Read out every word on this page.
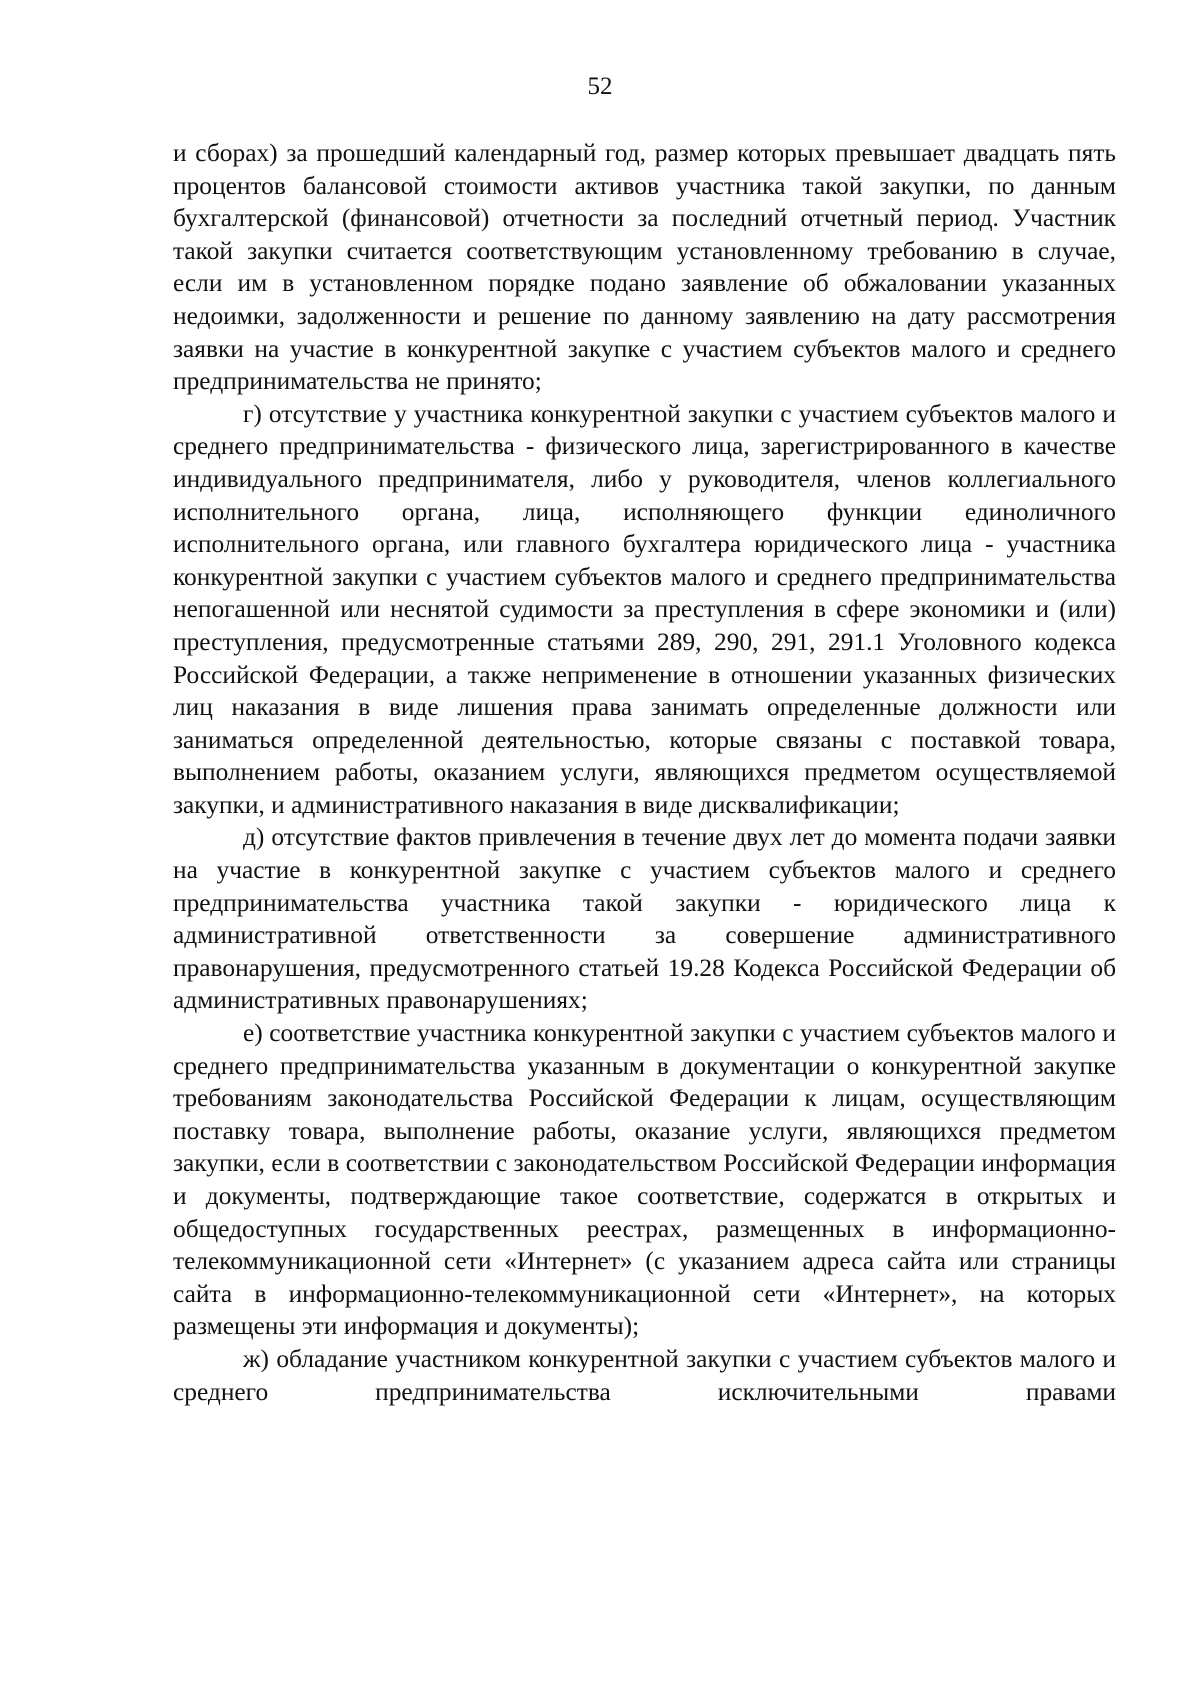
52

и сборах) за прошедший календарный год, размер которых превышает двадцать пять процентов балансовой стоимости активов участника такой закупки, по данным бухгалтерской (финансовой) отчетности за последний отчетный период. Участник такой закупки считается соответствующим установленному требованию в случае, если им в установленном порядке подано заявление об обжаловании указанных недоимки, задолженности и решение по данному заявлению на дату рассмотрения заявки на участие в конкурентной закупке с участием субъектов малого и среднего предпринимательства не принято;

г) отсутствие у участника конкурентной закупки с участием субъектов малого и среднего предпринимательства - физического лица, зарегистрированного в качестве индивидуального предпринимателя, либо у руководителя, членов коллегиального исполнительного органа, лица, исполняющего функции единоличного исполнительного органа, или главного бухгалтера юридического лица - участника конкурентной закупки с участием субъектов малого и среднего предпринимательства непогашенной или неснятой судимости за преступления в сфере экономики и (или) преступления, предусмотренные статьями 289, 290, 291, 291.1 Уголовного кодекса Российской Федерации, а также неприменение в отношении указанных физических лиц наказания в виде лишения права занимать определенные должности или заниматься определенной деятельностью, которые связаны с поставкой товара, выполнением работы, оказанием услуги, являющихся предметом осуществляемой закупки, и административного наказания в виде дисквалификации;

д) отсутствие фактов привлечения в течение двух лет до момента подачи заявки на участие в конкурентной закупке с участием субъектов малого и среднего предпринимательства участника такой закупки - юридического лица к административной ответственности за совершение административного правонарушения, предусмотренного статьей 19.28 Кодекса Российской Федерации об административных правонарушениях;

е) соответствие участника конкурентной закупки с участием субъектов малого и среднего предпринимательства указанным в документации о конкурентной закупке требованиям законодательства Российской Федерации к лицам, осуществляющим поставку товара, выполнение работы, оказание услуги, являющихся предметом закупки, если в соответствии с законодательством Российской Федерации информация и документы, подтверждающие такое соответствие, содержатся в открытых и общедоступных государственных реестрах, размещенных в информационно-телекоммуникационной сети «Интернет» (с указанием адреса сайта или страницы сайта в информационно-телекоммуникационной сети «Интернет», на которых размещены эти информация и документы);

ж) обладание участником конкурентной закупки с участием субъектов малого и среднего предпринимательства исключительными правами
